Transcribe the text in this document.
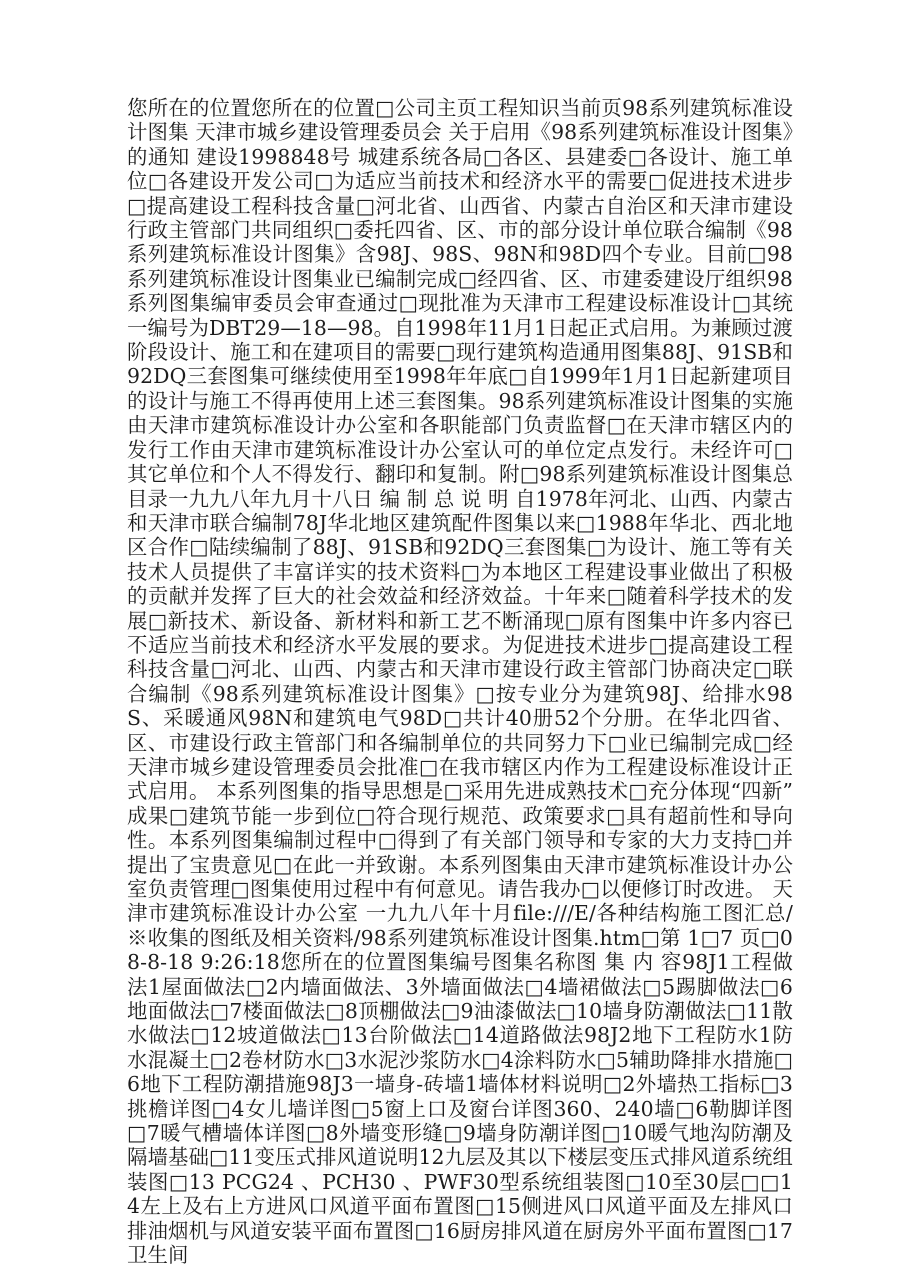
您所在的位置您所在的位置□公司主页工程知识当前页98系列建筑标准设计图集 天津市城乡建设管理委员会 关于启用《98系列建筑标准设计图集》的通知 建设1998848号 城建系统各局□各区、县建委□各设计、施工单位□各建设开发公司□为适应当前技术和经济水平的需要□促进技术进步□提高建设工程科技含量□河北省、山西省、内蒙古自治区和天津市建设行政主管部门共同组织□委托四省、区、市的部分设计单位联合编制《98系列建筑标准设计图集》含98J、98S、98N和98D四个专业。目前□98系列建筑标准设计图集业已编制完成□经四省、区、市建委建设厅组织98系列图集编审委员会审查通过□现批准为天津市工程建设标准设计□其统一编号为DBT29—18—98。自1998年11月1日起正式启用。为兼顾过渡阶段设计、施工和在建项目的需要□现行建筑构造通用图集88J、91SB和92DQ三套图集可继续使用至1998年年底□自1999年1月1日起新建项目的设计与施工不得再使用上述三套图集。98系列建筑标准设计图集的实施由天津市建筑标准设计办公室和各职能部门负责监督□在天津市辖区内的发行工作由天津市建筑标准设计办公室认可的单位定点发行。未经许可□其它单位和个人不得发行、翻印和复制。附□98系列建筑标准设计图集总目录一九九八年九月十八日 编 制 总 说 明 自1978年河北、山西、内蒙古和天津市联合编制78J华北地区建筑配件图集以来□1988年华北、西北地区合作□陆续编制了88J、91SB和92DQ三套图集□为设计、施工等有关技术人员提供了丰富详实的技术资料□为本地区工程建设事业做出了积极的贡献并发挥了巨大的社会效益和经济效益。十年来□随着科学技术的发展□新技术、新设备、新材料和新工艺不断涌现□原有图集中许多内容已不适应当前技术和经济水平发展的要求。为促进技术进步□提高建设工程科技含量□河北、山西、内蒙古和天津市建设行政主管部门协商决定□联合编制《98系列建筑标准设计图集》□按专业分为建筑98J、给排水98S、采暖通风98N和建筑电气98D□共计40册52个分册。在华北四省、区、市建设行政主管部门和各编制单位的共同努力下□业已编制完成□经天津市城乡建设管理委员会批准□在我市辖区内作为工程建设标准设计正式启用。 本系列图集的指导思想是□采用先进成熟技术□充分体现“四新”成果□建筑节能一步到位□符合现行规范、政策要求□具有超前性和导向性。本系列图集编制过程中□得到了有关部门领导和专家的大力支持□并提出了宝贵意见□在此一并致谢。本系列图集由天津市建筑标准设计办公室负责管理□图集使用过程中有何意见。请告我办□以便修订时改进。 天津市建筑标准设计办公室 一九九八年十月file:///E/各种结构施工图汇总/※收集的图纸及相关资料/98系列建筑标准设计图集.htm□第 1□7 页□08-8-18 9:26:18您所在的位置图集编号图集名称图 集 内 容98J1工程做法1屋面做法□2内墙面做法、3外墙面做法□4墙裙做法□5踢脚做法□6地面做法□7楼面做法□8顶棚做法□9油漆做法□10墙身防潮做法□11散水做法□12坡道做法□13台阶做法□14道路做法98J2地下工程防水1防水混凝土□2卷材防水□3水泥沙浆防水□4涂料防水□5辅助降排水措施□6地下工程防潮措施98J3一墙身-砖墙1墙体材料说明□2外墙热工指标□3挑檐详图□4女儿墙详图□5窗上口及窗台详图360、240墙□6勒脚详图□7暖气槽墙体详图□8外墙变形缝□9墙身防潮详图□10暖气地沟防潮及隔墙基础□11变压式排风道说明12九层及其以下楼层变压式排风道系统组装图□13 PCG24 、PCH30 、PWF30型系统组装图□10至30层□□14左上及右上方进风口风道平面布置图□15侧进风口风道平面及左排风口排油烟机与风道安装平面布置图□16厨房排风道在厨房外平面布置图□17卫生间
